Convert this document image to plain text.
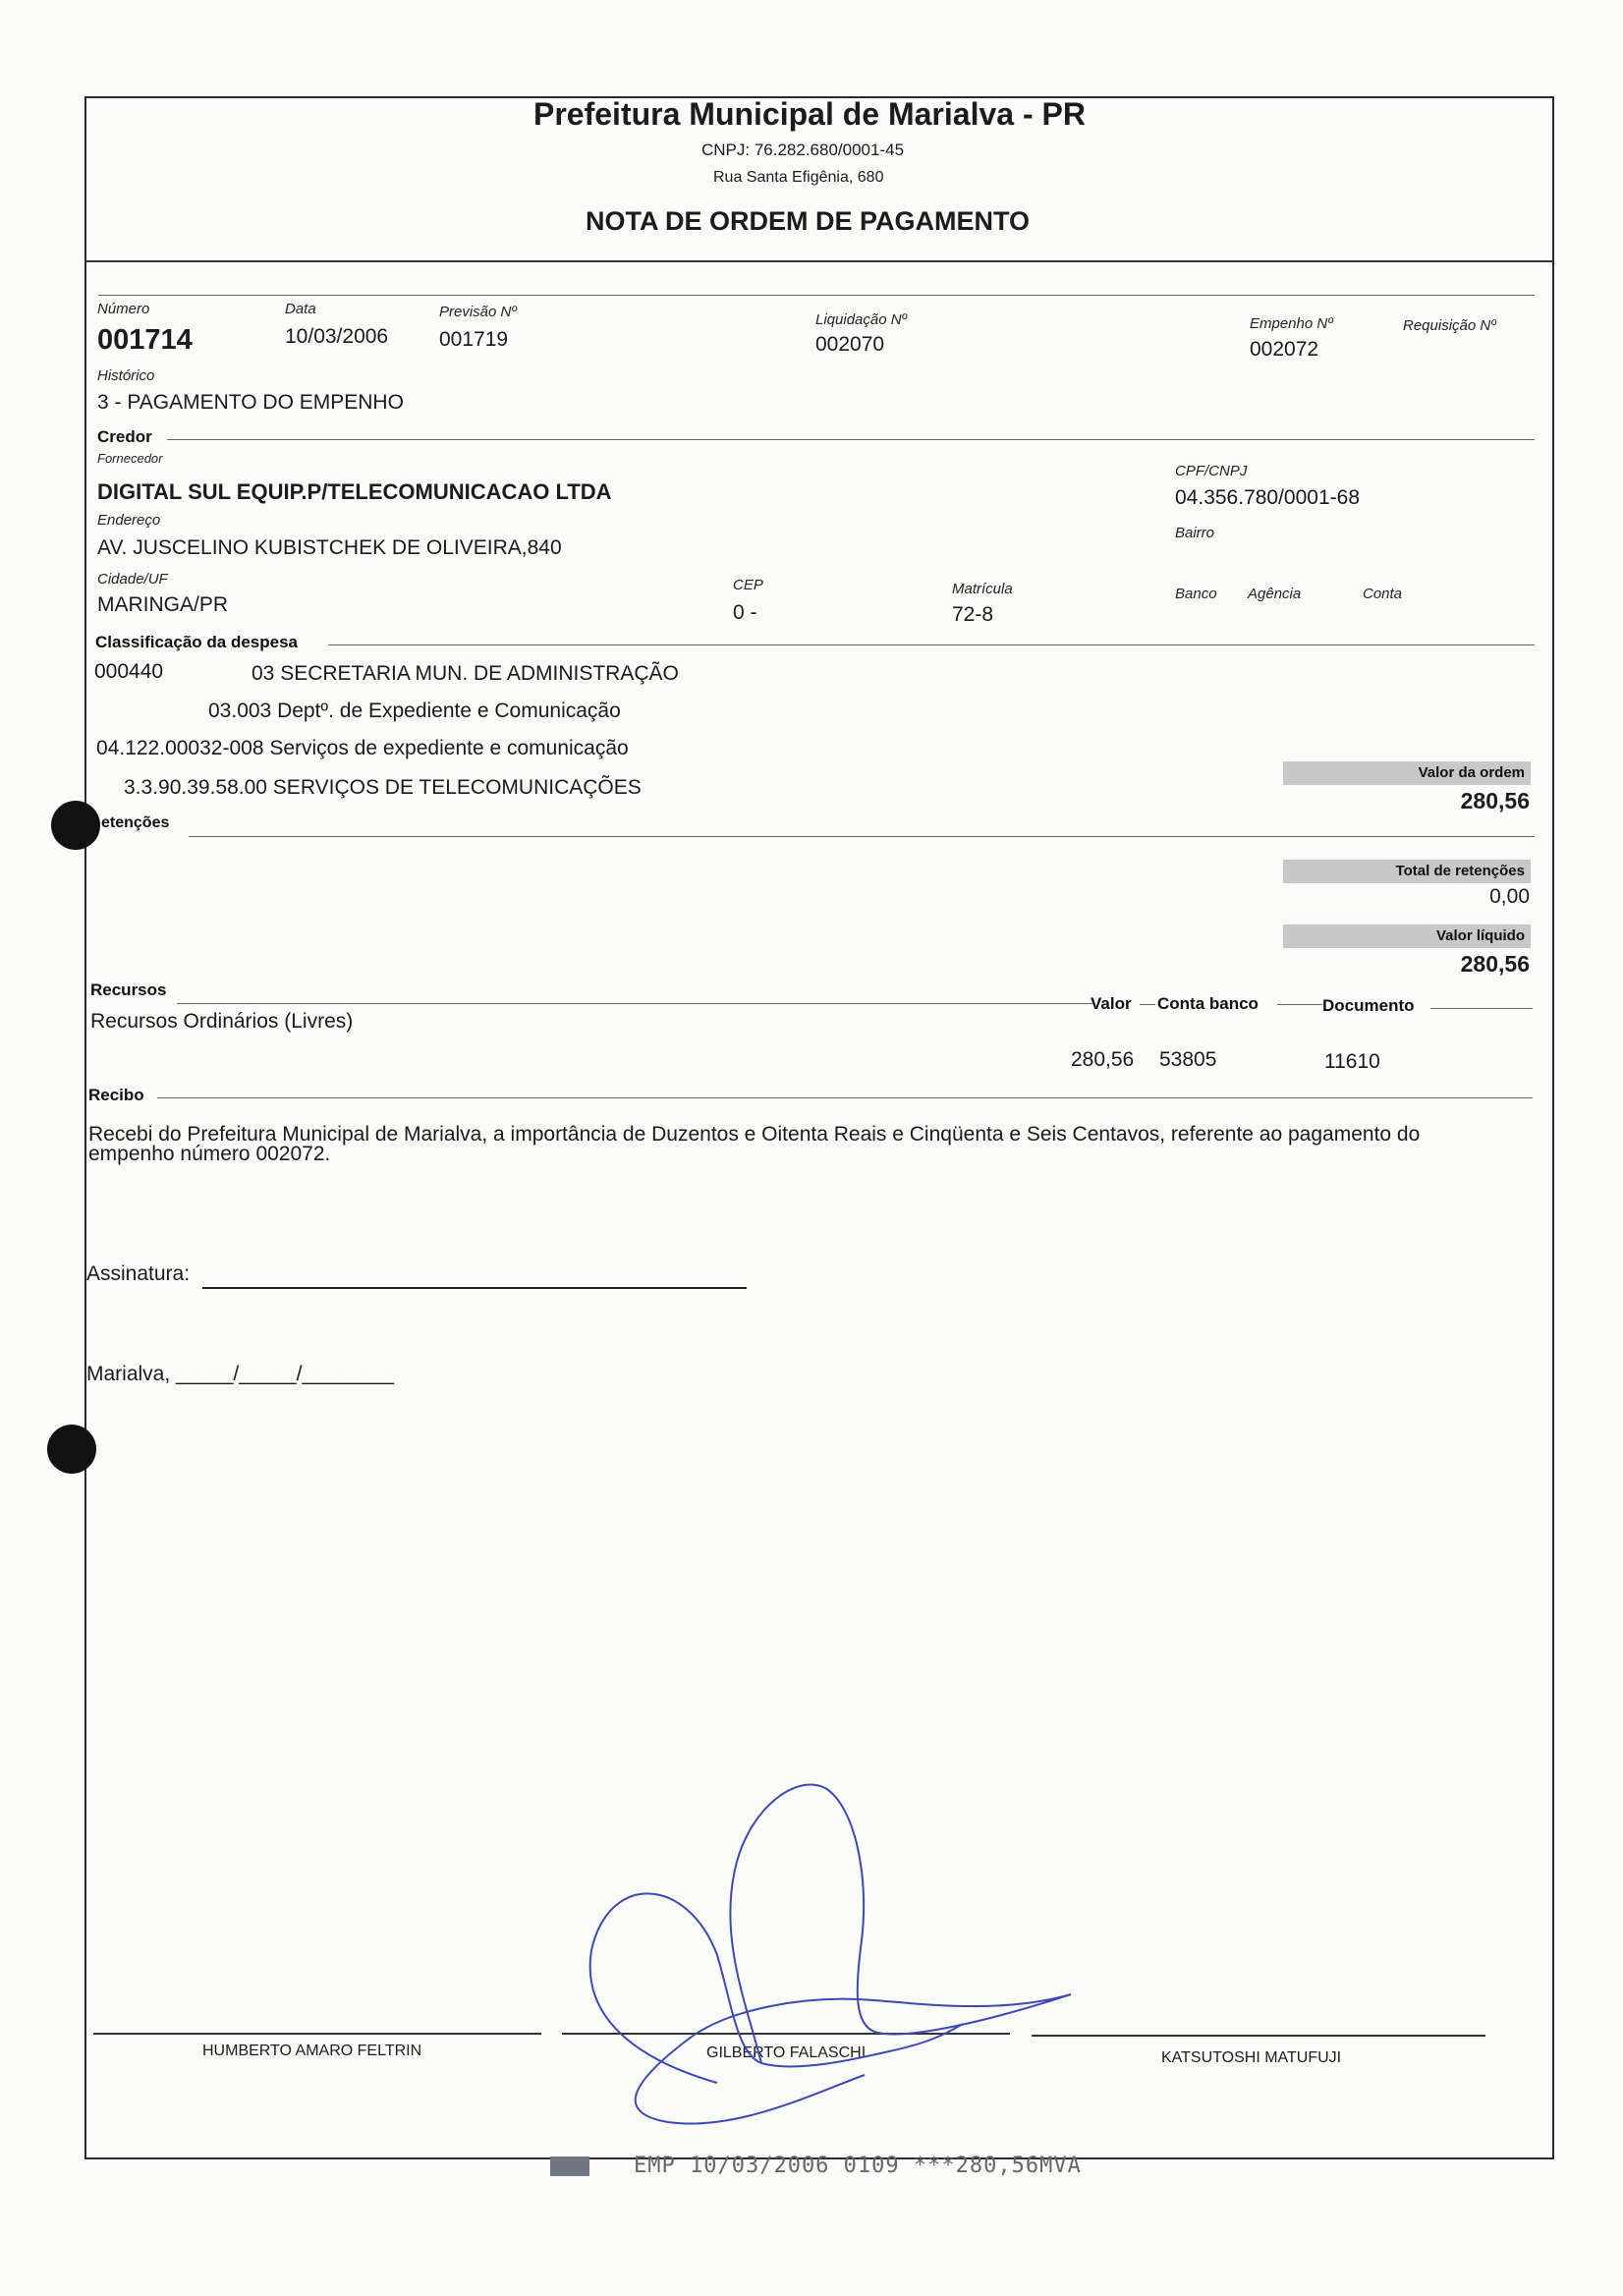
Prefeitura Municipal de Marialva - PR
CNPJ: 76.282.680/0001-45
Rua Santa Efigênia, 680
NOTA DE ORDEM DE PAGAMENTO
Número
001714
Data
10/03/2006
Previsão Nº
001719
Liquidação Nº
002070
Empenho Nº
002072
Requisição Nº
Histórico
3 - PAGAMENTO DO EMPENHO
Credor
Fornecedor
DIGITAL SUL EQUIP.P/TELECOMUNICACAO LTDA
CPF/CNPJ
04.356.780/0001-68
Endereço
AV. JUSCELINO KUBISTCHEK DE OLIVEIRA,840
Bairro
Cidade/UF
MARINGA/PR
CEP
0 -
Matrícula
72-8
Banco Agência	Conta
Classificação da despesa
000440	03 SECRETARIA MUN. DE ADMINISTRAÇÃO
03.003 Deptº. de Expediente e Comunicação
04.122.00032-008 Serviços de expediente e comunicação
3.3.90.39.58.00 SERVIÇOS DE TELECOMUNICAÇÕES
Valor da ordem
280,56
etenções
Total de retenções
0,00
Valor líquido
280,56
Recursos
Valor Conta banco	Documento
Recursos Ordinários (Livres)
280,56 53805	11610
Recibo
Recebi do Prefeitura Municipal de Marialva, a importância de Duzentos e Oitenta Reais e Cinqüenta e Seis Centavos, referente ao pagamento do
empenho número 002072.
Assinatura:
Marialva, _____/_____/________
HUMBERTO AMARO FELTRIN	GILBERTO FALASCHI	KATSUTOSHI MATUFUJI
EMP 10/03/2006 0109 ***280,56MVA
